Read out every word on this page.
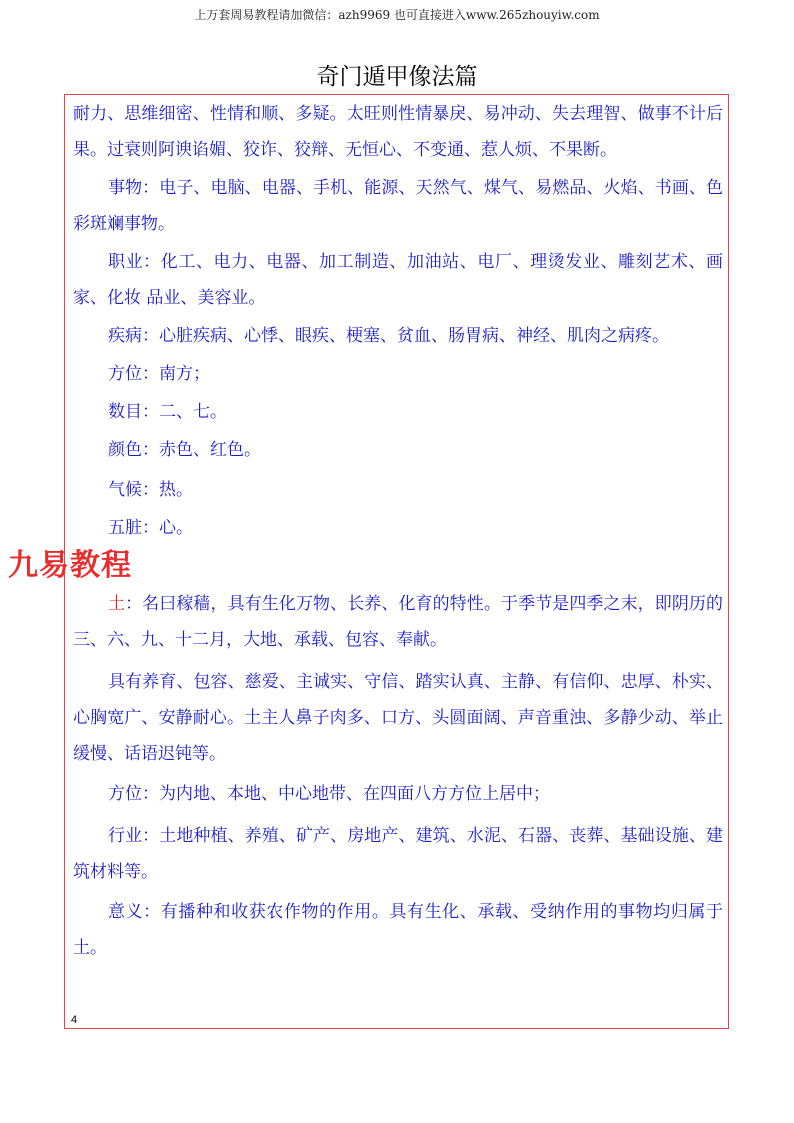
上万套周易教程请加微信：azh9969 也可直接进入www.265zhouyiw.com
奇门遁甲像法篇

耐力、思维细密、性情和顺、多疑。太旺则性情暴戾、易冲动、失去理智、做事不计后果。过衰则阿谀谄媚、狡诈、狡辩、无恒心、不变通、惹人烦、不果断。

事物：电子、电脑、电器、手机、能源、天然气、煤气、易燃品、火焰、书画、色彩斑斓事物。

职业：化工、电力、电器、加工制造、加油站、电厂、理烫发业、雕刻艺术、画家、化妆 品业、美容业。

疾病：心脏疾病、心悸、眼疾、梗塞、贫血、肠胃病、神经、肌肉之病疼。

方位：南方；

数目：二、七。

颜色：赤色、红色。

气候：热。

五脏：心。

土：名曰稼穑，具有生化万物、长养、化育的特性。于季节是四季之末，即阴历的三、六、九、十二月，大地、承载、包容、奉献。

具有养育、包容、慈爱、主诚实、守信、踏实认真、主静、有信仰、忠厚、朴实、心胸宽广、安静耐心。土主人鼻子肉多、口方、头圆面阔、声音重浊、多静少动、举止缓慢、话语迟钝等。

方位：为内地、本地、中心地带、在四面八方方位上居中；

行业：土地种植、养殖、矿产、房地产、建筑、水泥、石器、丧葬、基础设施、建筑材料等。

意义：有播种和收获农作物的作用。具有生化、承载、受纳作用的事物均归属于土。

九易教程
4
